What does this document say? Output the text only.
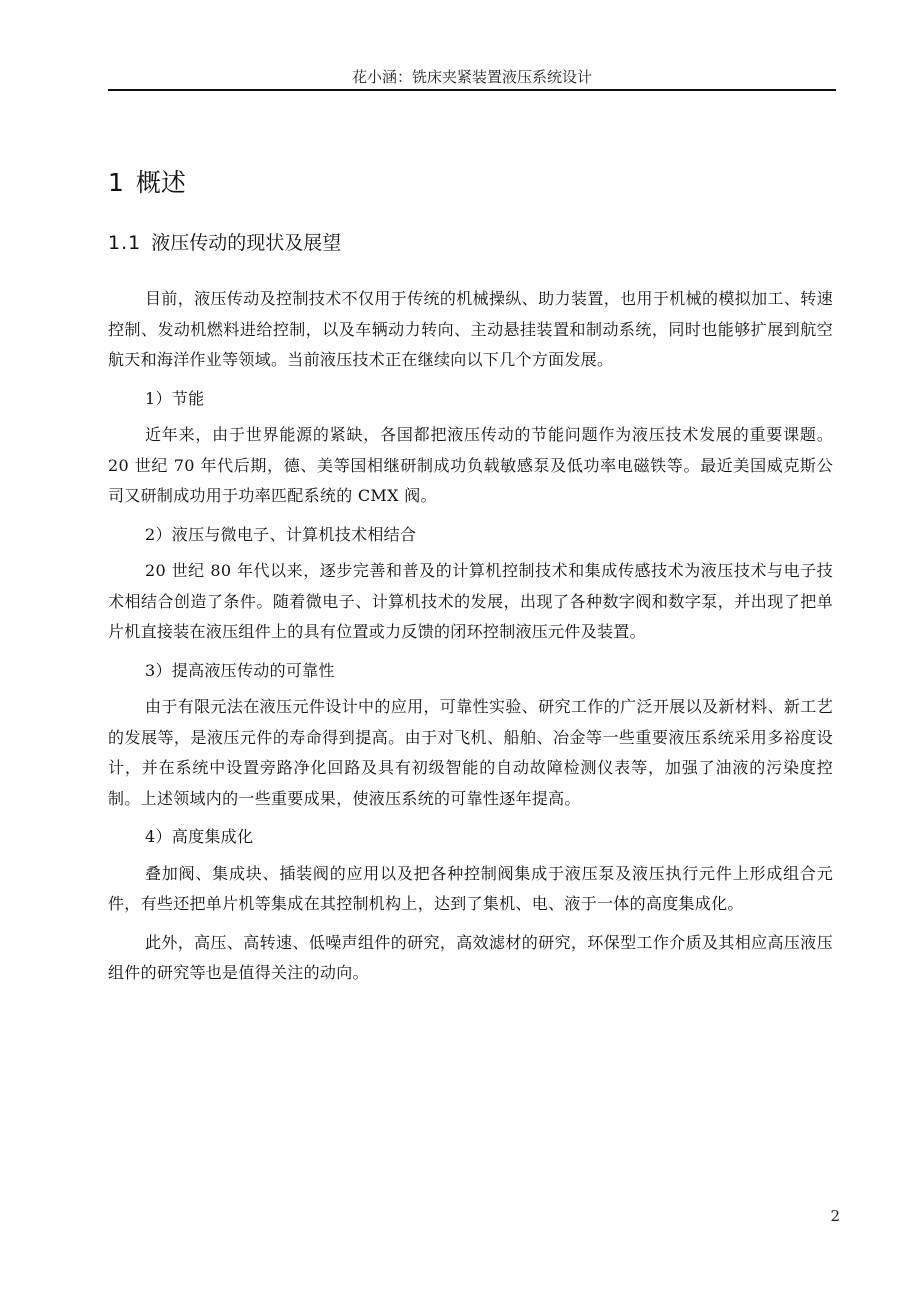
花小涵：铣床夹紧装置液压系统设计
1 概述
1.1 液压传动的现状及展望

目前，液压传动及控制技术不仅用于传统的机械操纵、助力装置，也用于机械的模拟加工、转速控制、发动机燃料进给控制，以及车辆动力转向、主动悬挂装置和制动系统，同时也能够扩展到航空航天和海洋作业等领域。当前液压技术正在继续向以下几个方面发展。

1）节能

近年来，由于世界能源的紧缺，各国都把液压传动的节能问题作为液压技术发展的重要课题。20 世纪 70 年代后期，德、美等国相继研制成功负载敏感泵及低功率电磁铁等。最近美国威克斯公司又研制成功用于功率匹配系统的 CMX 阀。

2）液压与微电子、计算机技术相结合

20 世纪 80 年代以来，逐步完善和普及的计算机控制技术和集成传感技术为液压技术与电子技术相结合创造了条件。随着微电子、计算机技术的发展，出现了各种数字阀和数字泵，并出现了把单片机直接装在液压组件上的具有位置或力反馈的闭环控制液压元件及装置。

3）提高液压传动的可靠性

由于有限元法在液压元件设计中的应用，可靠性实验、研究工作的广泛开展以及新材料、新工艺的发展等，是液压元件的寿命得到提高。由于对飞机、船舶、冶金等一些重要液压系统采用多裕度设计，并在系统中设置旁路净化回路及具有初级智能的自动故障检测仪表等，加强了油液的污染度控制。上述领域内的一些重要成果，使液压系统的可靠性逐年提高。

4）高度集成化

叠加阀、集成块、插装阀的应用以及把各种控制阀集成于液压泵及液压执行元件上形成组合元件，有些还把单片机等集成在其控制机构上，达到了集机、电、液于一体的高度集成化。

此外，高压、高转速、低噪声组件的研究，高效滤材的研究，环保型工作介质及其相应高压液压组件的研究等也是值得关注的动向。

2
